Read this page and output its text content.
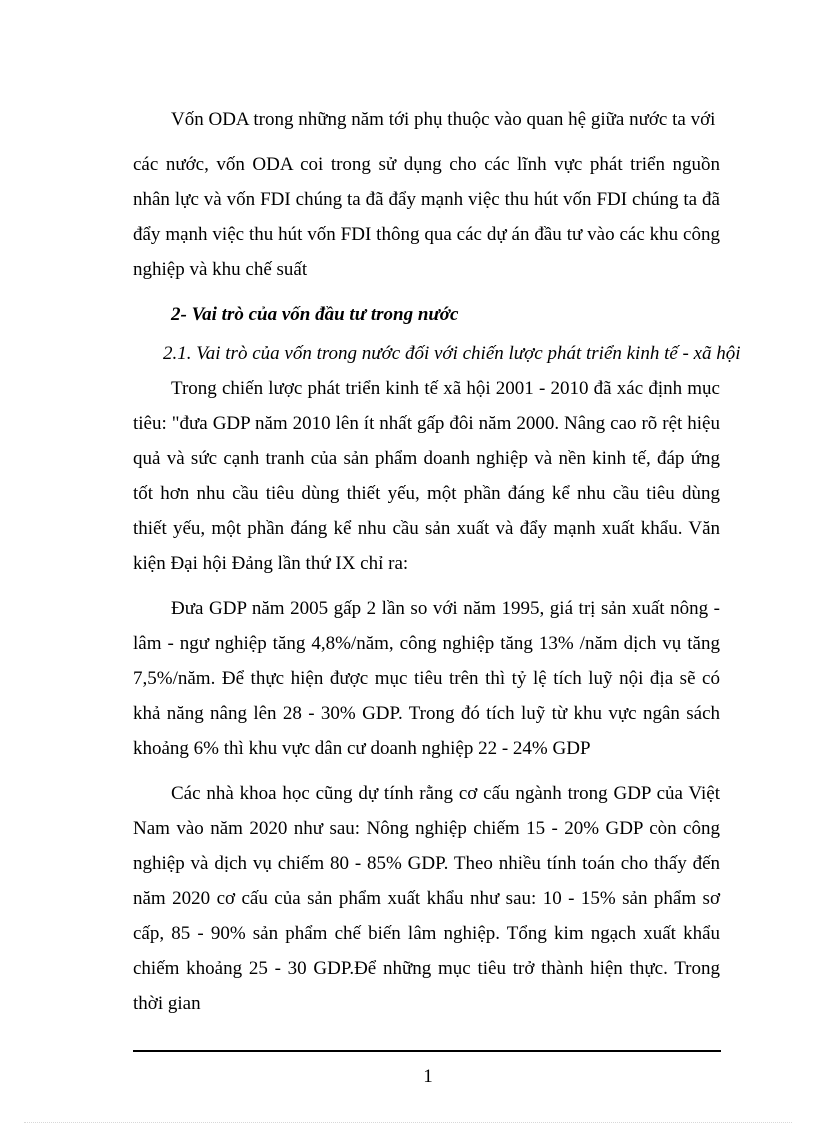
Vốn ODA trong những năm tới phụ thuộc vào quan hệ giữa nước ta với

các nước, vốn ODA coi trong sử dụng cho các lĩnh vực phát triển nguồn nhân lực và vốn FDI chúng ta đã đẩy mạnh việc thu hút vốn FDI chúng ta đã đẩy mạnh việc thu hút vốn FDI thông qua các dự án đầu tư vào các khu công nghiệp và khu chế suất

2- Vai trò của vốn đầu tư trong nước

2.1. Vai trò của vốn trong nước đối với chiến lược phát triển kinh tế - xã hội

Trong chiến lược phát triển kinh tế xã hội 2001 - 2010 đã xác định mục tiêu: "đưa GDP năm 2010 lên ít nhất gấp đôi năm 2000. Nâng cao rõ rệt hiệu quả và sức cạnh tranh của sản phẩm doanh nghiệp và nền kinh tế, đáp ứng tốt hơn nhu cầu tiêu dùng thiết yếu, một phần đáng kể nhu cầu tiêu dùng thiết yếu, một phần đáng kể nhu cầu sản xuất và đẩy mạnh xuất khẩu. Văn kiện Đại hội Đảng lần thứ IX chỉ ra:

Đưa GDP năm 2005 gấp 2 lần so với năm 1995, giá trị sản xuất nông - lâm - ngư nghiệp tăng 4,8%/năm, công nghiệp tăng 13% /năm dịch vụ tăng 7,5%/năm. Để thực hiện được mục tiêu trên thì tỷ lệ tích luỹ nội địa sẽ có khả năng nâng lên 28 - 30% GDP. Trong đó tích luỹ từ khu vực ngân sách khoảng 6% thì khu vực dân cư doanh nghiệp 22 - 24% GDP

Các nhà khoa học cũng dự tính rằng cơ cấu ngành trong GDP của Việt Nam vào năm 2020 như sau: Nông nghiệp chiếm 15 - 20% GDP còn công nghiệp và dịch vụ chiếm 80 - 85% GDP. Theo nhiều tính toán cho thấy đến năm 2020 cơ cấu của sản phẩm xuất khẩu như sau: 10 - 15% sản phẩm sơ cấp, 85 - 90% sản phẩm chế biến lâm nghiệp. Tổng kim ngạch xuất khẩu chiếm khoảng 25 - 30 GDP.Để những mục tiêu trở thành hiện thực. Trong thời gian

1
